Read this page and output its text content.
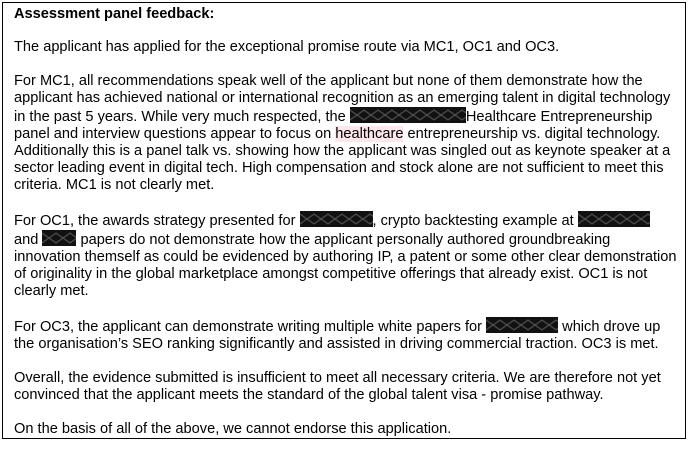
Assessment panel feedback:

The applicant has applied for the exceptional promise route via MC1, OC1 and OC3.

For MC1, all recommendations speak well of the applicant but none of them demonstrate how the applicant has achieved national or international recognition as an emerging talent in digital technology in the past 5 years. While very much respected, the	Healthcare Entrepreneurship panel and interview questions appear to focus on healthcare entrepreneurship vs. digital technology. Additionally this is a panel talk vs. showing how the applicant was singled out as keynote speaker at a sector leading event in digital tech. High compensation and stock alone are not sufficient to meet this criteria. MC1 is not clearly met.

For OC1, the awards strategy presented for	, crypto backtesting example at  and  papers do not demonstrate how the applicant personally authored groundbreaking innovation themself as could be evidenced by authoring IP, a patent or some other clear demonstration of originality in the global marketplace amongst competitive offerings that already exist. OC1 is not clearly met.

For OC3, the applicant can demonstrate writing multiple white papers for	which drove up the organisation’s SEO ranking significantly and assisted in driving commercial traction. OC3 is met.

Overall, the evidence submitted is insufficient to meet all necessary criteria. We are therefore not yet convinced that the applicant meets the standard of the global talent visa - promise pathway.

On the basis of all of the above, we cannot endorse this application.
